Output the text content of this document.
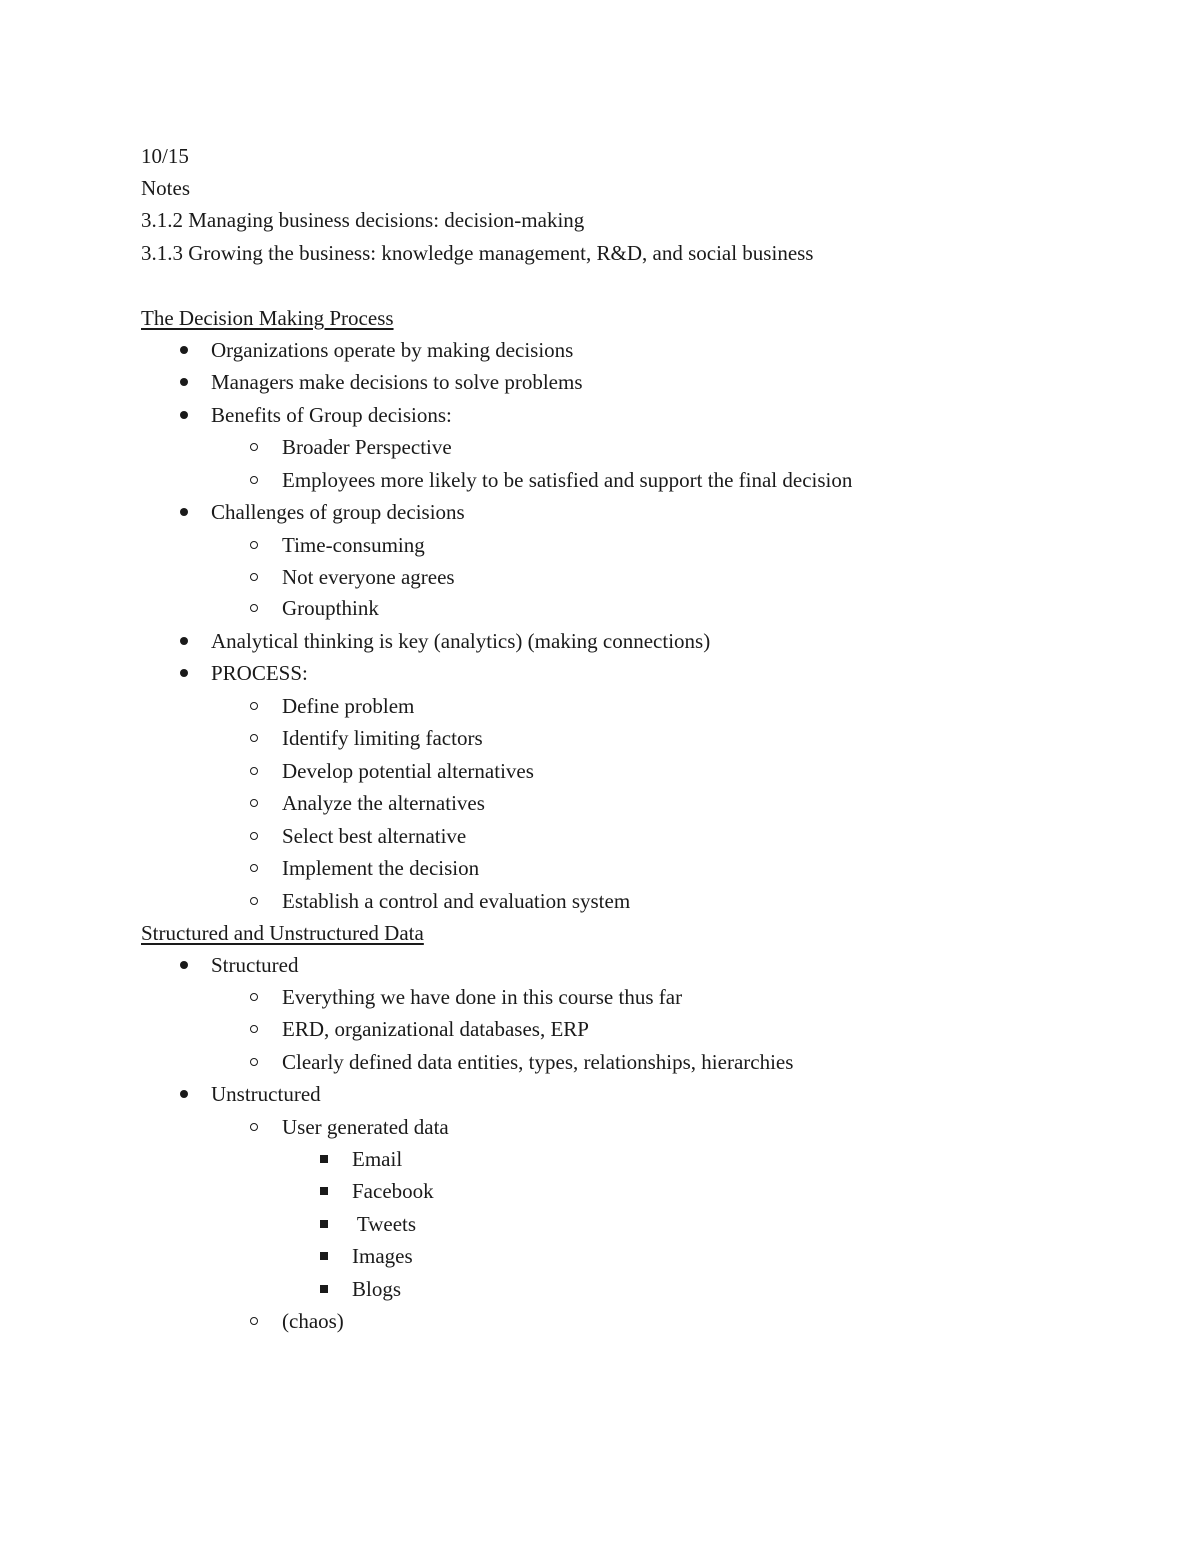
10/15
Notes
3.1.2 Managing business decisions: decision-making
3.1.3 Growing the business: knowledge management, R&D, and social business
The Decision Making Process
Organizations operate by making decisions
Managers make decisions to solve problems
Benefits of Group decisions:
Broader Perspective
Employees more likely to be satisfied and support the final decision
Challenges of group decisions
Time-consuming
Not everyone agrees
Groupthink
Analytical thinking is key (analytics) (making connections)
PROCESS:
Define problem
Identify limiting factors
Develop potential alternatives
Analyze the alternatives
Select best alternative
Implement the decision
Establish a control and evaluation system
Structured and Unstructured Data
Structured
Everything we have done in this course thus far
ERD, organizational databases, ERP
Clearly defined data entities, types, relationships, hierarchies
Unstructured
User generated data
Email
Facebook
Tweets
Images
Blogs
(chaos)
